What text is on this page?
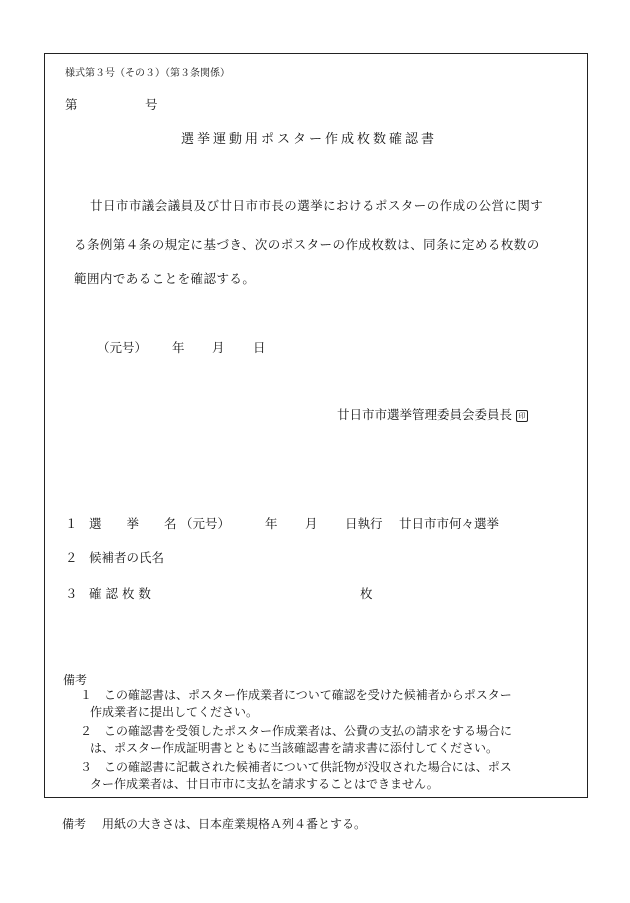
様式第３号（その３）（第３条関係）
第	号
選挙運動用ポスター作成枚数確認書
廿日市市議会議員及び廿日市市長の選挙におけるポスターの作成の公営に関す
る条例第４条の規定に基づき、次のポスターの作成枚数は、同条に定める枚数の
範囲内であることを確認する。
（元号） 年 月 日
廿日市市選挙管理委員会委員長 印
１ 選　　挙　　名 （元号）	年 月 日執行 廿日市市何々選挙
２ 候補者の氏名
３ 確 認 枚 数	枚
備考
１ この確認書は、ポスター作成業者について確認を受けた候補者からポスター
作成業者に提出してください。
２ この確認書を受領したポスター作成業者は、公費の支払の請求をする場合に
は、ポスター作成証明書とともに当該確認書を請求書に添付してください。
３ この確認書に記載された候補者について供託物が没収された場合には、ポス
ター作成業者は、廿日市市に支払を請求することはできません。
備考 用紙の大きさは、日本産業規格Ａ列４番とする。
